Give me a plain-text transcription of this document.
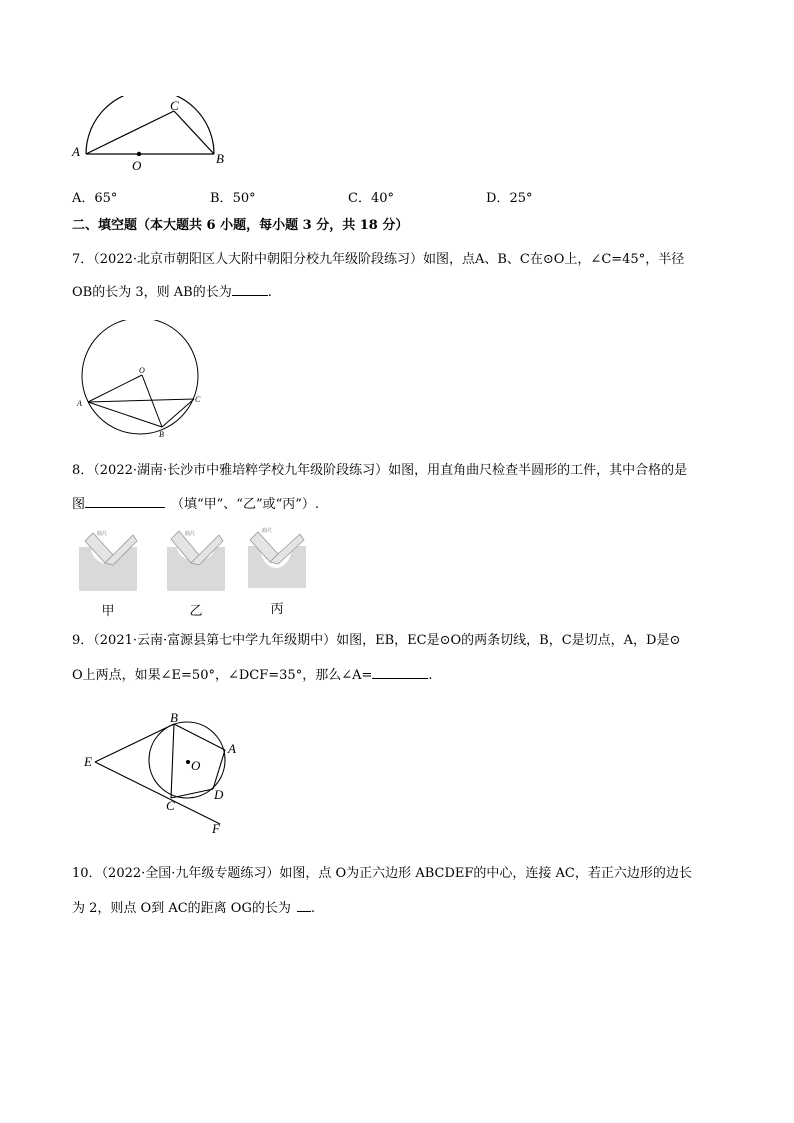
A	B
C
O
A．65°	B．50°	C．40°	D．25°
二、填空题（本大题共 6 小题，每小题 3 分，共 18 分）
7．（2022·北京市朝阳区人大附中朝阳分校九年级阶段练习）如图，点A、B、C在⊙O上，∠C=45°，半径
OB的长为 3，则 AB的长为	.
O
A
B
C
8．（2022·湖南·长沙市中雅培粹学校九年级阶段练习）如图，用直角曲尺检查半圆形的工件，其中合格的是
图	（填“甲”、“乙”或“丙”）.
曲尺	曲尺	曲尺
甲	乙	丙
9．（2021·云南·富源县第七中学九年级期中）如图，EB，EC是⊙O的两条切线，B，C是切点，A，D是⊙
O上两点，如果∠E=50°，∠DCF=35°，那么∠A=	.
B
A
E	O
C
D
F
10．（2022·全国·九年级专题练习）如图，点 O为正六边形 ABCDEF的中心，连接 AC，若正六边形的边长
为 2，则点 O到 AC的距离 OG的长为 .
